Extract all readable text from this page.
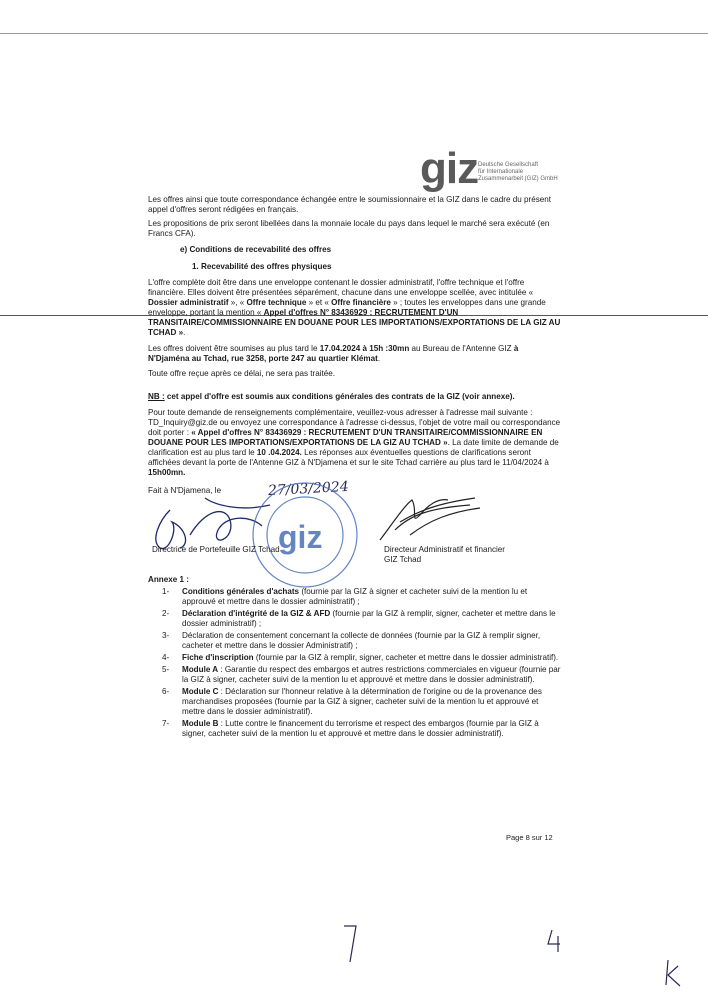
giz Deutsche Gesellschaft
für Internationale
Zusammenarbeit (GIZ) GmbH

Les offres ainsi que toute correspondance échangée entre le soumissionnaire et la GIZ dans le cadre du présent appel d'offres seront rédigées en français.

Les propositions de prix seront libellées dans la monnaie locale du pays dans lequel le marché sera exécuté (en Francs CFA).

e) Conditions de recevabilité des offres
1. Recevabilité des offres physiques

L'offre complète doit être dans une enveloppe contenant le dossier administratif, l'offre technique et l'offre financière. Elles doivent être présentées séparément, chacune dans une enveloppe scellée, avec intitulée « Dossier administratif », « Offre technique » et « Offre financière » ; toutes les enveloppes dans une grande enveloppe, portant la mention « Appel d'offres N° 83436929 : RECRUTEMENT D'UN TRANSITAIRE/COMMISSIONNAIRE EN DOUANE POUR LES IMPORTATIONS/EXPORTATIONS DE LA GIZ AU TCHAD ».

Les offres doivent être soumises au plus tard le 17.04.2024 à 15h :30mn au Bureau de l'Antenne GIZ à N'Djaména au Tchad, rue 3258, porte 247 au quartier Klémat.

Toute offre reçue après ce délai, ne sera pas traitée.

NB : cet appel d'offre est soumis aux conditions générales des contrats de la GIZ (voir annexe).

Pour toute demande de renseignements complémentaire, veuillez-vous adresser à l'adresse mail suivante : TD_Inquiry@giz.de ou envoyez une correspondance à l'adresse ci-dessus, l'objet de votre mail ou correspondance doit porter : « Appel d'offres N° 83436929 : RECRUTEMENT D'UN TRANSITAIRE/COMMISSIONNAIRE EN DOUANE POUR LES IMPORTATIONS/EXPORTATIONS DE LA GIZ AU TCHAD ». La date limite de demande de clarification est au plus tard le 10 .04.2024. Les réponses aux éventuelles questions de clarifications seront affichées devant la porte de l'Antenne GIZ à N'Djamena et sur le site Tchad carrière au plus tard le 11/04/2024 à 15h00mn.

Fait à N'Djamena, le	27/03/2024
giz
Directrice de Portefeuille GIZ Tchad	Directeur Administratif et financier
GIZ Tchad
Annexe 1 :
1- Conditions générales d'achats (fournie par la GIZ à signer et cacheter suivi de la mention lu et approuvé et mettre dans le dossier administratif) ;
2- Déclaration d'intégrité de la GIZ & AFD (fournie par la GIZ à remplir, signer, cacheter et mettre dans le dossier administratif) ;
3- Déclaration de consentement concernant la collecte de données (fournie par la GIZ à remplir signer, cacheter et mettre dans le dossier Administratif) ;
4- Fiche d'inscription (fournie par la GIZ à remplir, signer, cacheter et mettre dans le dossier administratif).
5- Module A : Garantie du respect des embargos et autres restrictions commerciales en vigueur (fournie par la GIZ à signer, cacheter suivi de la mention lu et approuvé et mettre dans le dossier administratif).
6- Module C : Déclaration sur l'honneur relative à la détermination de l'origine ou de la provenance des marchandises proposées (fournie par la GIZ à signer, cacheter suivi de la mention lu et approuvé et mettre dans le dossier administratif).
7- Module B : Lutte contre le financement du terrorisme et respect des embargos (fournie par la GIZ à signer, cacheter suivi de la mention lu et approuvé et mettre dans le dossier administratif).
Page 8 sur 12
